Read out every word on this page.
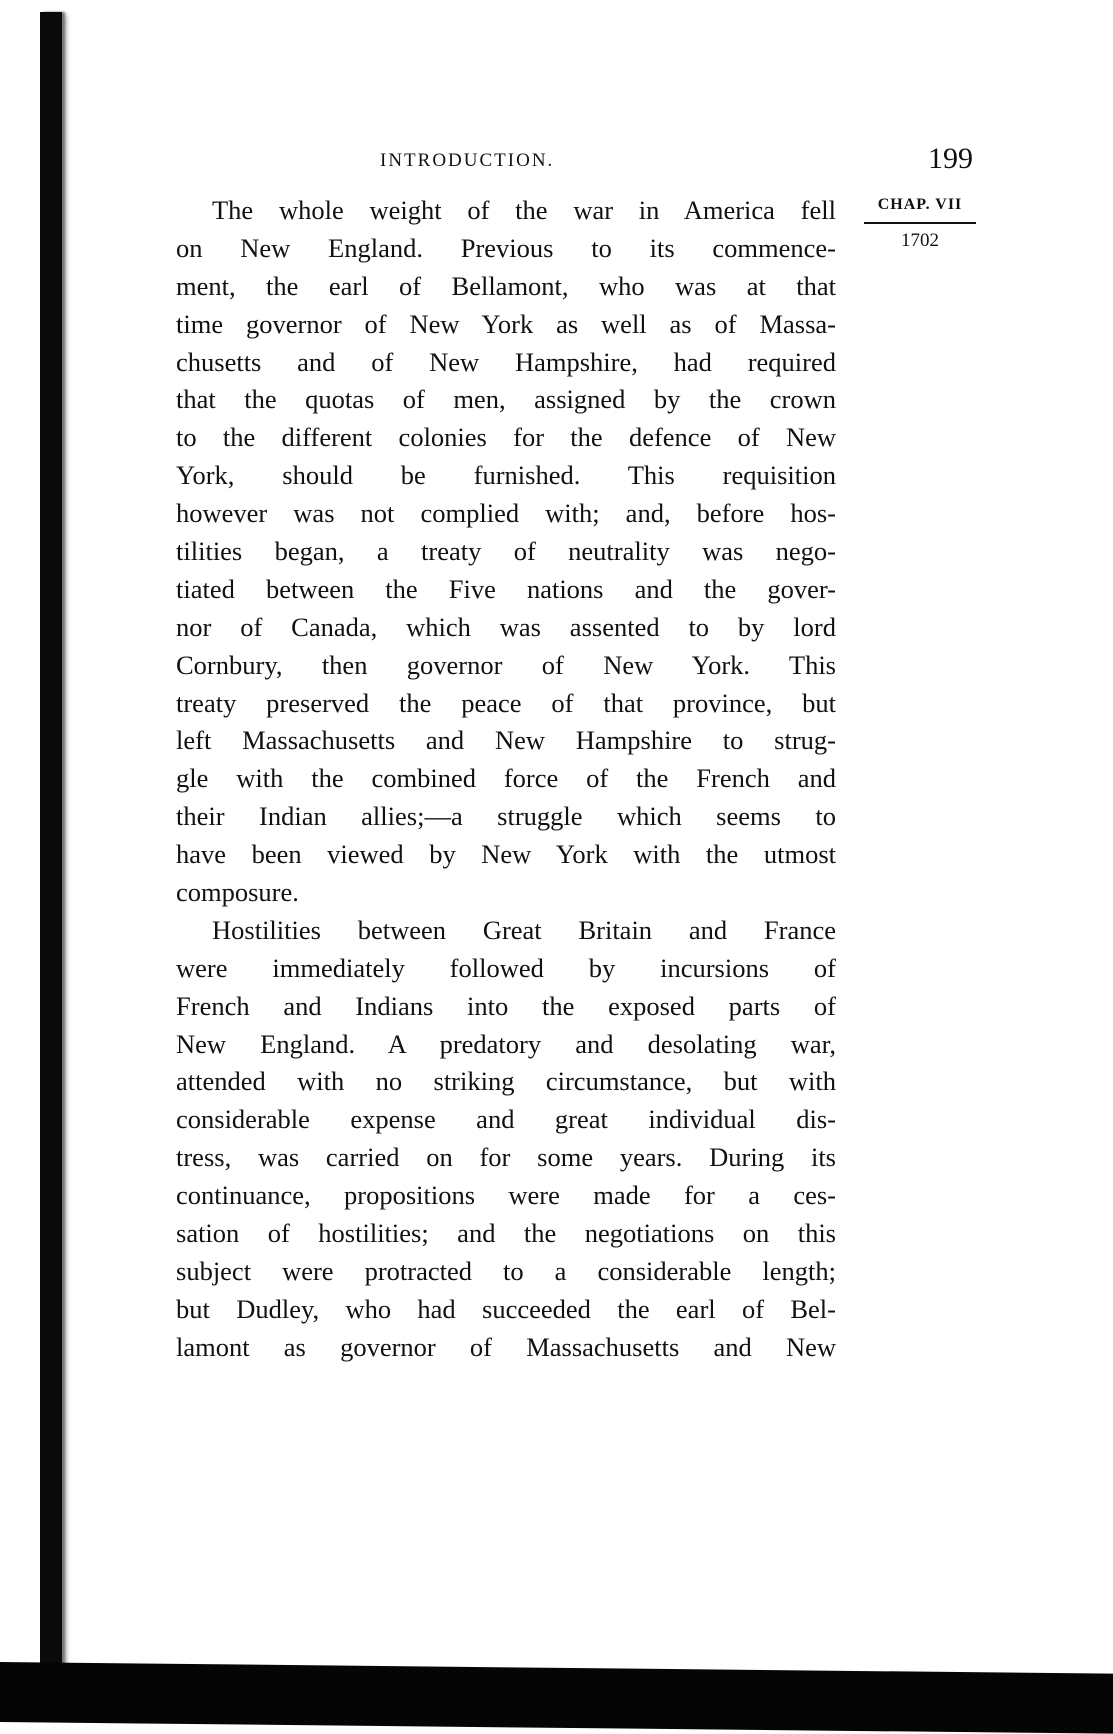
INTRODUCTION.	199
CHAP. VII
1702
The whole weight of the war in America fell
on New England. Previous to its commence-
ment, the earl of Bellamont, who was at that
time governor of New York as well as of Massa-
chusetts and of New Hampshire, had required
that the quotas of men, assigned by the crown
to the different colonies for the defence of New
York, should be furnished. This requisition
however was not complied with; and, before hos-
tilities began, a treaty of neutrality was nego-
tiated between the Five nations and the gover-
nor of Canada, which was assented to by lord
Cornbury, then governor of New York. This
treaty preserved the peace of that province, but
left Massachusetts and New Hampshire to strug-
gle with the combined force of the French and
their Indian allies;—a struggle which seems to
have been viewed by New York with the utmost
composure.
Hostilities between Great Britain and France
were immediately followed by incursions of
French and Indians into the exposed parts of
New England. A predatory and desolating war,
attended with no striking circumstance, but with
considerable expense and great individual dis-
tress, was carried on for some years. During its
continuance, propositions were made for a ces-
sation of hostilities; and the negotiations on this
subject were protracted to a considerable length;
but Dudley, who had succeeded the earl of Bel-
lamont as governor of Massachusetts and New
